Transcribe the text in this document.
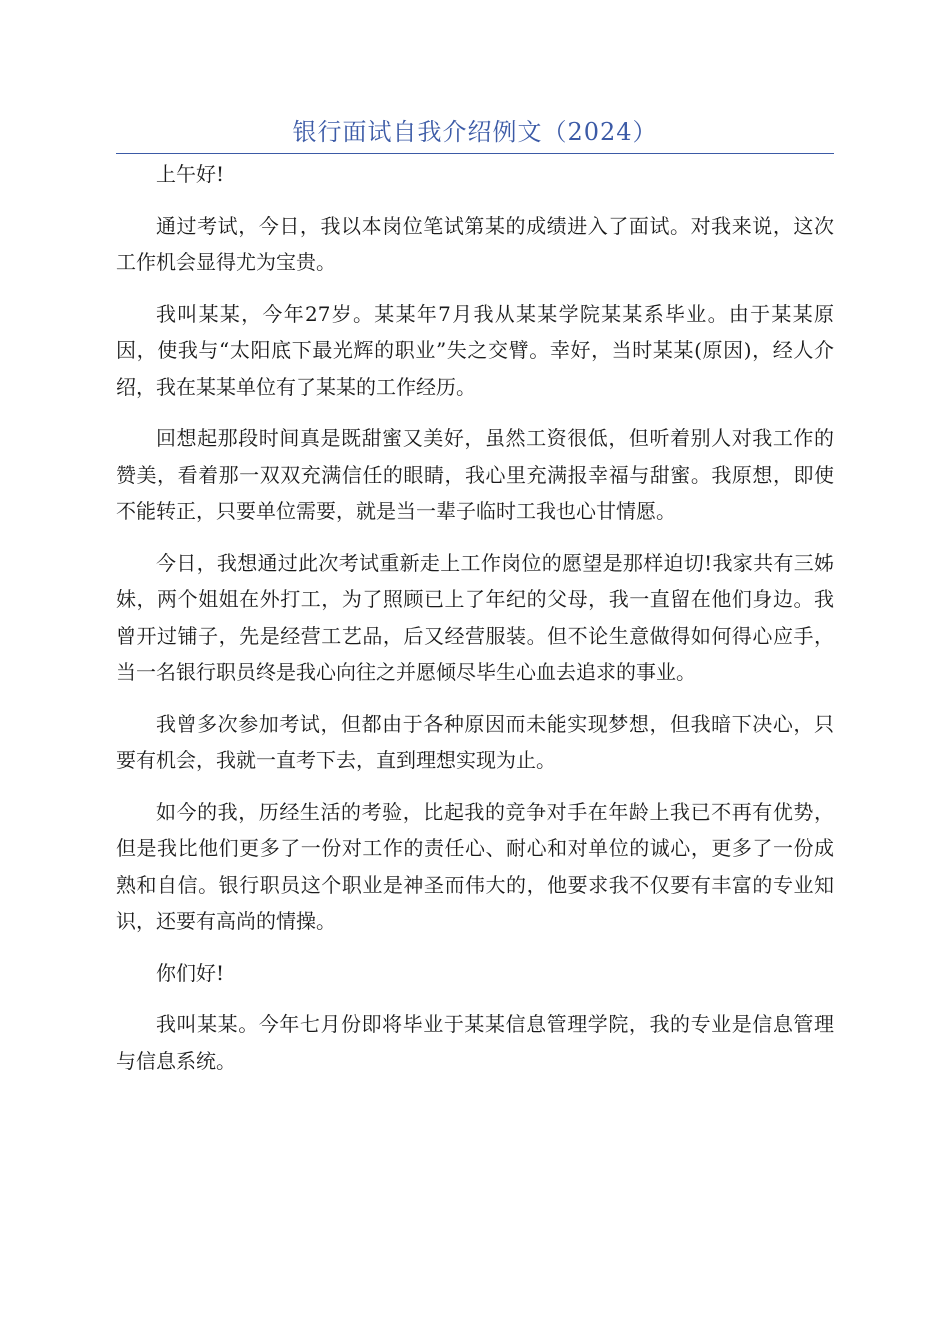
银行面试自我介绍例文（2024）

上午好!

通过考试，今日，我以本岗位笔试第某的成绩进入了面试。对我来说，这次工作机会显得尤为宝贵。

我叫某某，今年27岁。某某年7月我从某某学院某某系毕业。由于某某原因，使我与“太阳底下最光辉的职业”失之交臂。幸好，当时某某(原因)，经人介绍，我在某某单位有了某某的工作经历。

回想起那段时间真是既甜蜜又美好，虽然工资很低，但听着别人对我工作的赞美，看着那一双双充满信任的眼睛，我心里充满报幸福与甜蜜。我原想，即使不能转正，只要单位需要，就是当一辈子临时工我也心甘情愿。

今日，我想通过此次考试重新走上工作岗位的愿望是那样迫切!我家共有三姊妹，两个姐姐在外打工，为了照顾已上了年纪的父母，我一直留在他们身边。我曾开过铺子，先是经营工艺品，后又经营服装。但不论生意做得如何得心应手，当一名银行职员终是我心向往之并愿倾尽毕生心血去追求的事业。

我曾多次参加考试，但都由于各种原因而未能实现梦想，但我暗下决心，只要有机会，我就一直考下去，直到理想实现为止。

如今的我，历经生活的考验，比起我的竞争对手在年龄上我已不再有优势，但是我比他们更多了一份对工作的责任心、耐心和对单位的诚心，更多了一份成熟和自信。银行职员这个职业是神圣而伟大的，他要求我不仅要有丰富的专业知识，还要有高尚的情操。

你们好!

我叫某某。今年七月份即将毕业于某某信息管理学院，我的专业是信息管理与信息系统。
